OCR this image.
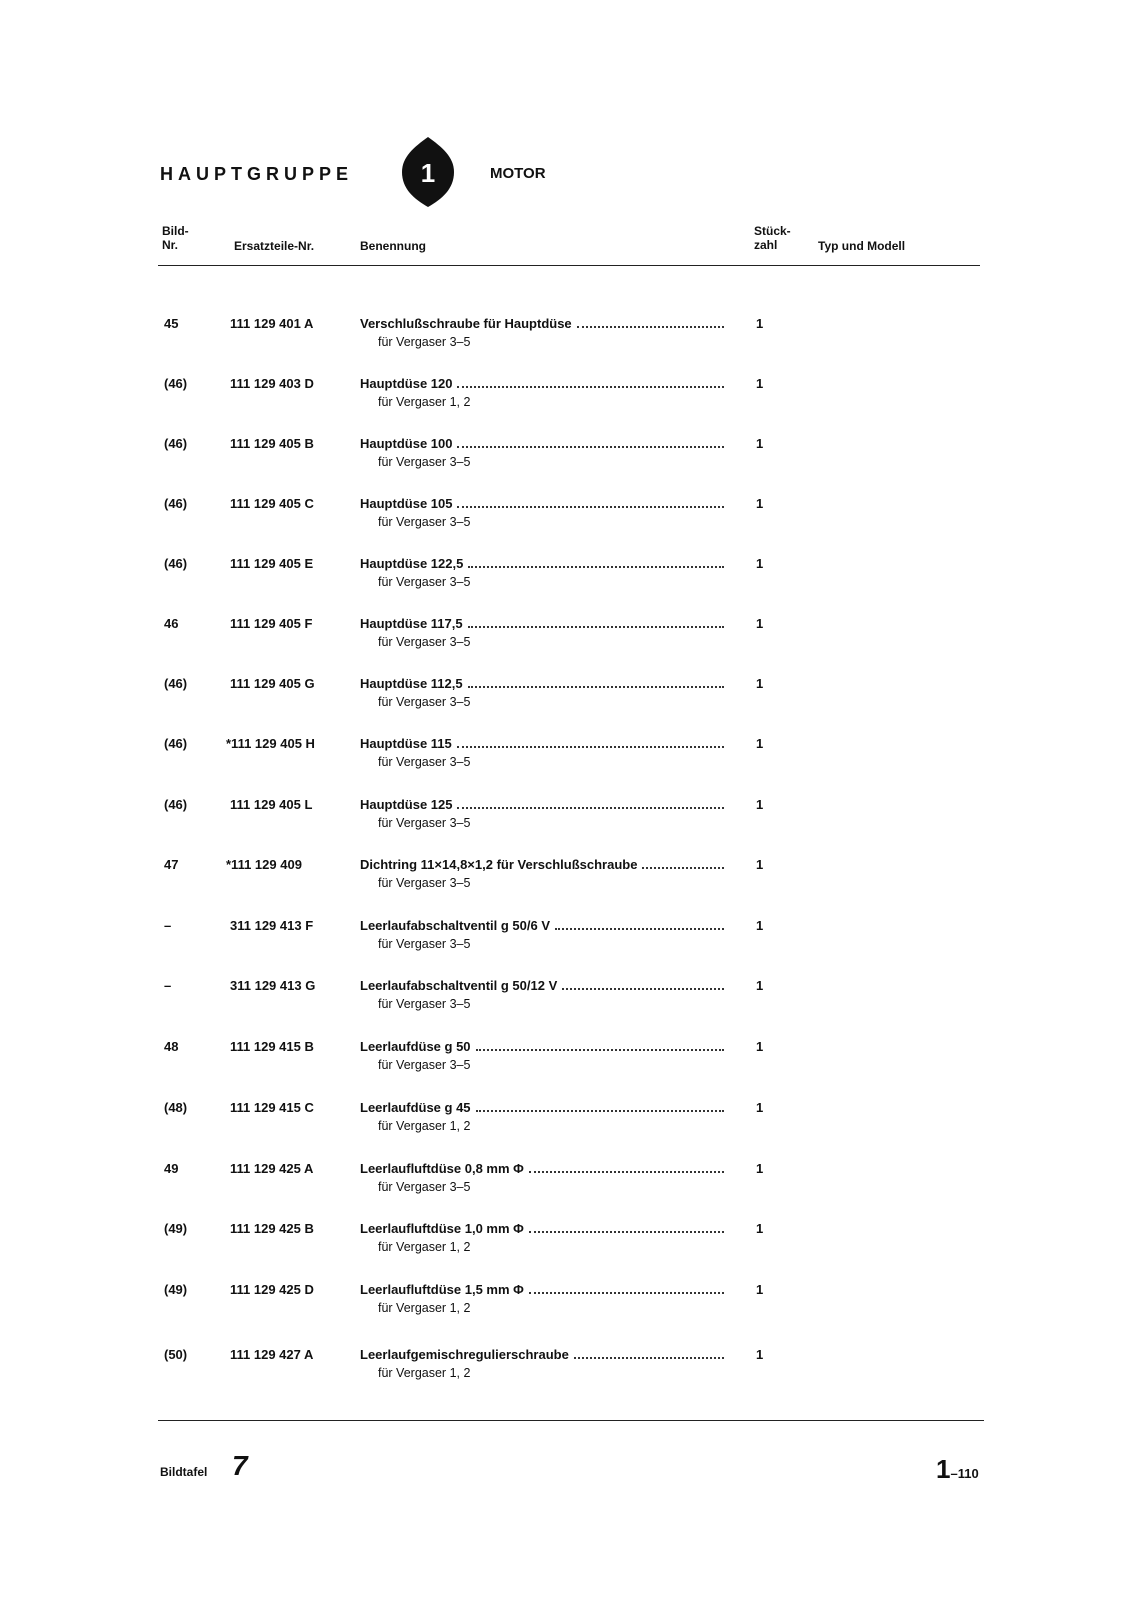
HAUPTGRUPPE	1	MOTOR
Bild-
Nr.	Ersatzteile-Nr.	Benennung
Stück-
zahl	Typ und Modell
45	111 129 401 A	Verschlußschraube für Hauptdüse	1
für Vergaser 3–5
(46)	111 129 403 D	Hauptdüse 120	1
für Vergaser 1, 2
(46)	111 129 405 B	Hauptdüse 100	1
für Vergaser 3–5
(46)	111 129 405 C	Hauptdüse 105	1
für Vergaser 3–5
(46)	111 129 405 E	Hauptdüse 122,5	1
für Vergaser 3–5
46	111 129 405 F	Hauptdüse 117,5	1
für Vergaser 3–5
(46)	111 129 405 G	Hauptdüse 112,5	1
für Vergaser 3–5
(46)	*111 129 405 H	Hauptdüse 115	1
für Vergaser 3–5
(46)	111 129 405 L	Hauptdüse 125	1
für Vergaser 3–5
47	*111 129 409	Dichtring 11×14,8×1,2 für Verschlußschraube	1
für Vergaser 3–5
–	311 129 413 F	Leerlaufabschaltventil g 50/6 V	1
für Vergaser 3–5
–	311 129 413 G	Leerlaufabschaltventil g 50/12 V	1
für Vergaser 3–5
48	111 129 415 B	Leerlaufdüse g 50	1
für Vergaser 3–5
(48)	111 129 415 C	Leerlaufdüse g 45	1
für Vergaser 1, 2
49	111 129 425 A	Leerlaufluftdüse 0,8 mm Φ	1
für Vergaser 3–5
(49)	111 129 425 B	Leerlaufluftdüse 1,0 mm Φ	1
für Vergaser 1, 2
(49)	111 129 425 D	Leerlaufluftdüse 1,5 mm Φ	1
für Vergaser 1, 2
(50)	111 129 427 A	Leerlaufgemischregulierschraube	1
für Vergaser 1, 2
Bildtafel 7	1–110
